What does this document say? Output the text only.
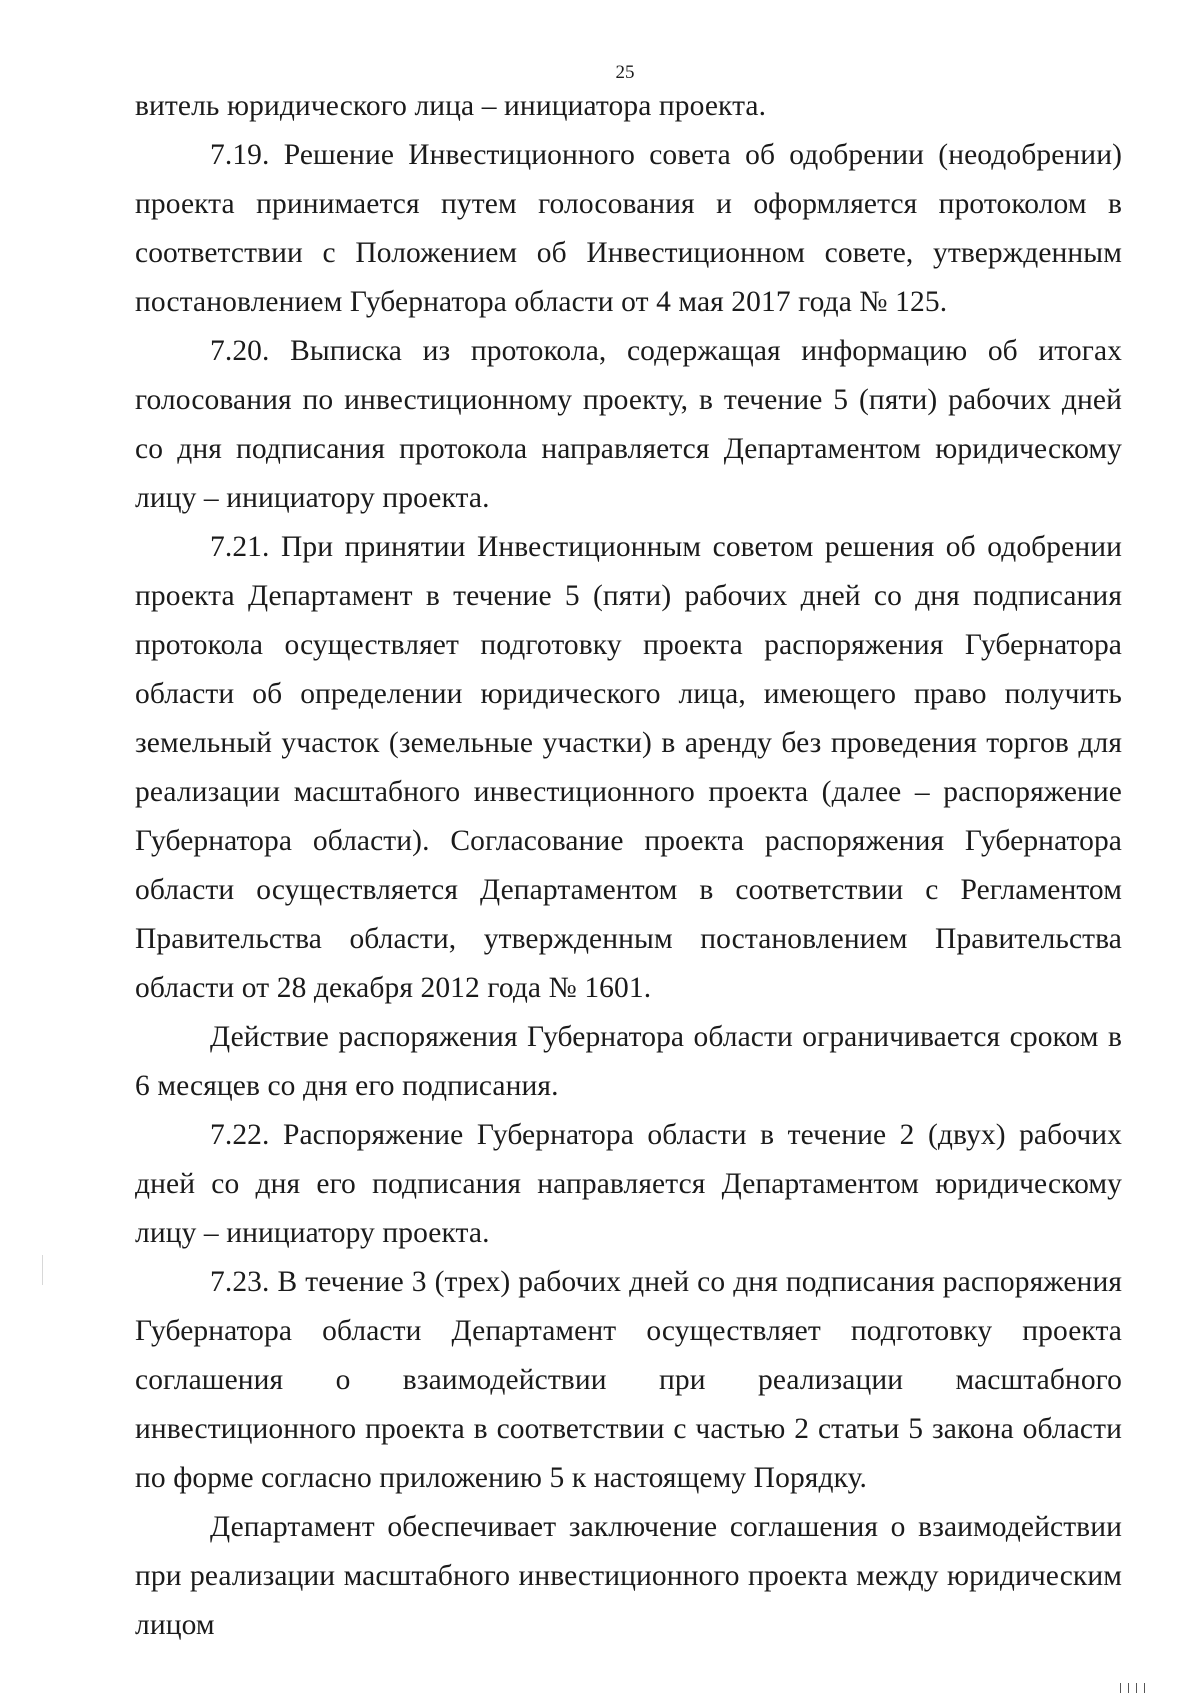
25

витель юридического лица – инициатора проекта.

7.19. Решение Инвестиционного совета об одобрении (неодобрении) проекта принимается путем голосования и оформляется протоколом в соответствии с Положением об Инвестиционном совете, утвержденным постановлением Губернатора области от 4 мая 2017 года № 125.

7.20. Выписка из протокола, содержащая информацию об итогах голосования по инвестиционному проекту, в течение 5 (пяти) рабочих дней со дня подписания протокола направляется Департаментом юридическому лицу – инициатору проекта.

7.21. При принятии Инвестиционным советом решения об одобрении проекта Департамент в течение 5 (пяти) рабочих дней со дня подписания протокола осуществляет подготовку проекта распоряжения Губернатора области об определении юридического лица, имеющего право получить земельный участок (земельные участки) в аренду без проведения торгов для реализации масштабного инвестиционного проекта (далее – распоряжение Губернатора области). Согласование проекта распоряжения Губернатора области осуществляется Департаментом в соответствии с Регламентом Правительства области, утвержденным постановлением Правительства области от 28 декабря 2012 года № 1601.

Действие распоряжения Губернатора области ограничивается сроком в 6 месяцев со дня его подписания.

7.22. Распоряжение Губернатора области в течение 2 (двух) рабочих дней со дня его подписания направляется Департаментом юридическому лицу – инициатору проекта.

7.23. В течение 3 (трех) рабочих дней со дня подписания распоряжения Губернатора области Департамент осуществляет подготовку проекта соглашения о взаимодействии при реализации масштабного инвестиционного проекта в соответствии с частью 2 статьи 5 закона области по форме согласно приложению 5 к настоящему Порядку.

Департамент обеспечивает заключение соглашения о взаимодействии при реализации масштабного инвестиционного проекта между юридическим лицом
